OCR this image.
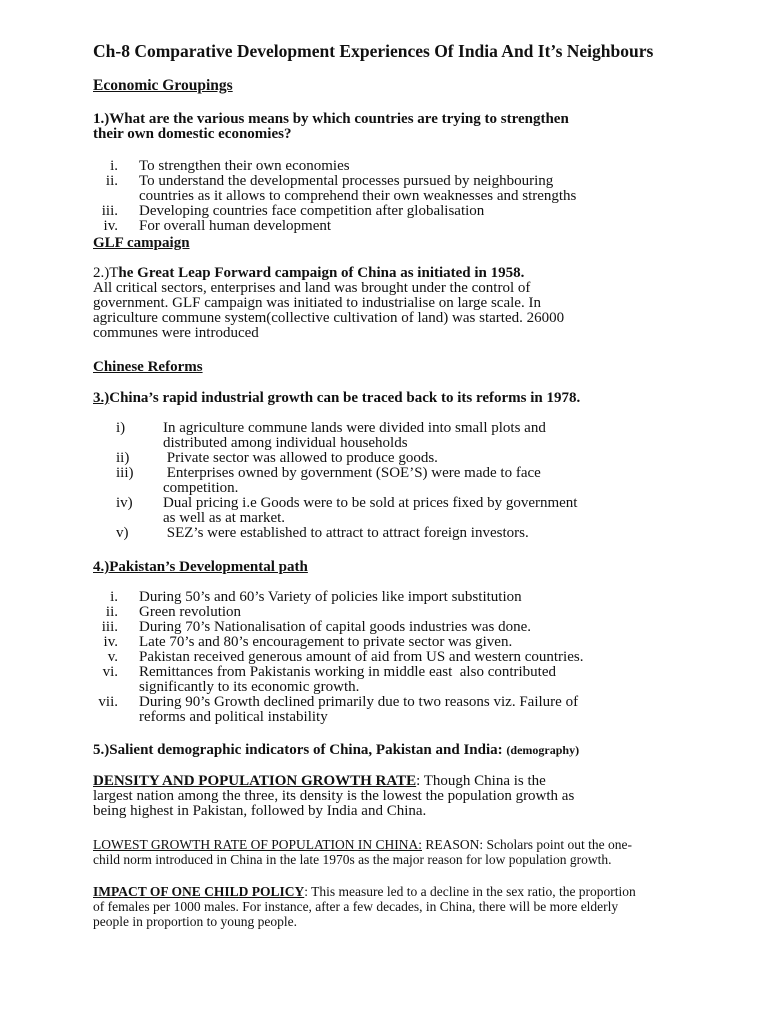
Ch-8 Comparative Development Experiences Of India And It’s Neighbours
Economic Groupings
1.)What are the various means by which countries are trying to strengthen
their own domestic economies?
i. To strengthen their own economies
ii. To understand the developmental processes pursued by neighbouring
countries as it allows to comprehend their own weaknesses and strengths
iii. Developing countries face competition after globalisation
iv. For overall human development
GLF campaign
2.)The Great Leap Forward campaign of China as initiated in 1958.
All critical sectors, enterprises and land was brought under the control of
government. GLF campaign was initiated to industrialise on large scale. In
agriculture commune system(collective cultivation of land) was started. 26000
communes were introduced
Chinese Reforms
3.)China’s rapid industrial growth can be traced back to its reforms in 1978.
i)	In agriculture commune lands were divided into small plots and
distributed among individual households
ii) Private sector was allowed to produce goods.
iii) Enterprises owned by government (SOE’S) were made to face
competition.
iv) Dual pricing i.e Goods were to be sold at prices fixed by government
as well as at market.
v) SEZ’s were established to attract to attract foreign investors.
4.)Pakistan’s Developmental path
i. During 50’s and 60’s Variety of policies like import substitution
ii. Green revolution
iii. During 70’s Nationalisation of capital goods industries was done.
iv. Late 70’s and 80’s encouragement to private sector was given.
v. Pakistan received generous amount of aid from US and western countries.
vi. Remittances from Pakistanis working in middle east  also contributed
significantly to its economic growth.
vii. During 90’s Growth declined primarily due to two reasons viz. Failure of
reforms and political instability
5.)Salient demographic indicators of China, Pakistan and India: (demography)
DENSITY AND POPULATION GROWTH RATE: Though China is the
largest nation among the three, its density is the lowest the population growth as
being highest in Pakistan, followed by India and China.
LOWEST GROWTH RATE OF POPULATION IN CHINA: REASON: Scholars point out the one-
child norm introduced in China in the late 1970s as the major reason for low population growth.
IMPACT OF ONE CHILD POLICY: This measure led to a decline in the sex ratio, the proportion
of females per 1000 males. For instance, after a few decades, in China, there will be more elderly
people in proportion to young people.
